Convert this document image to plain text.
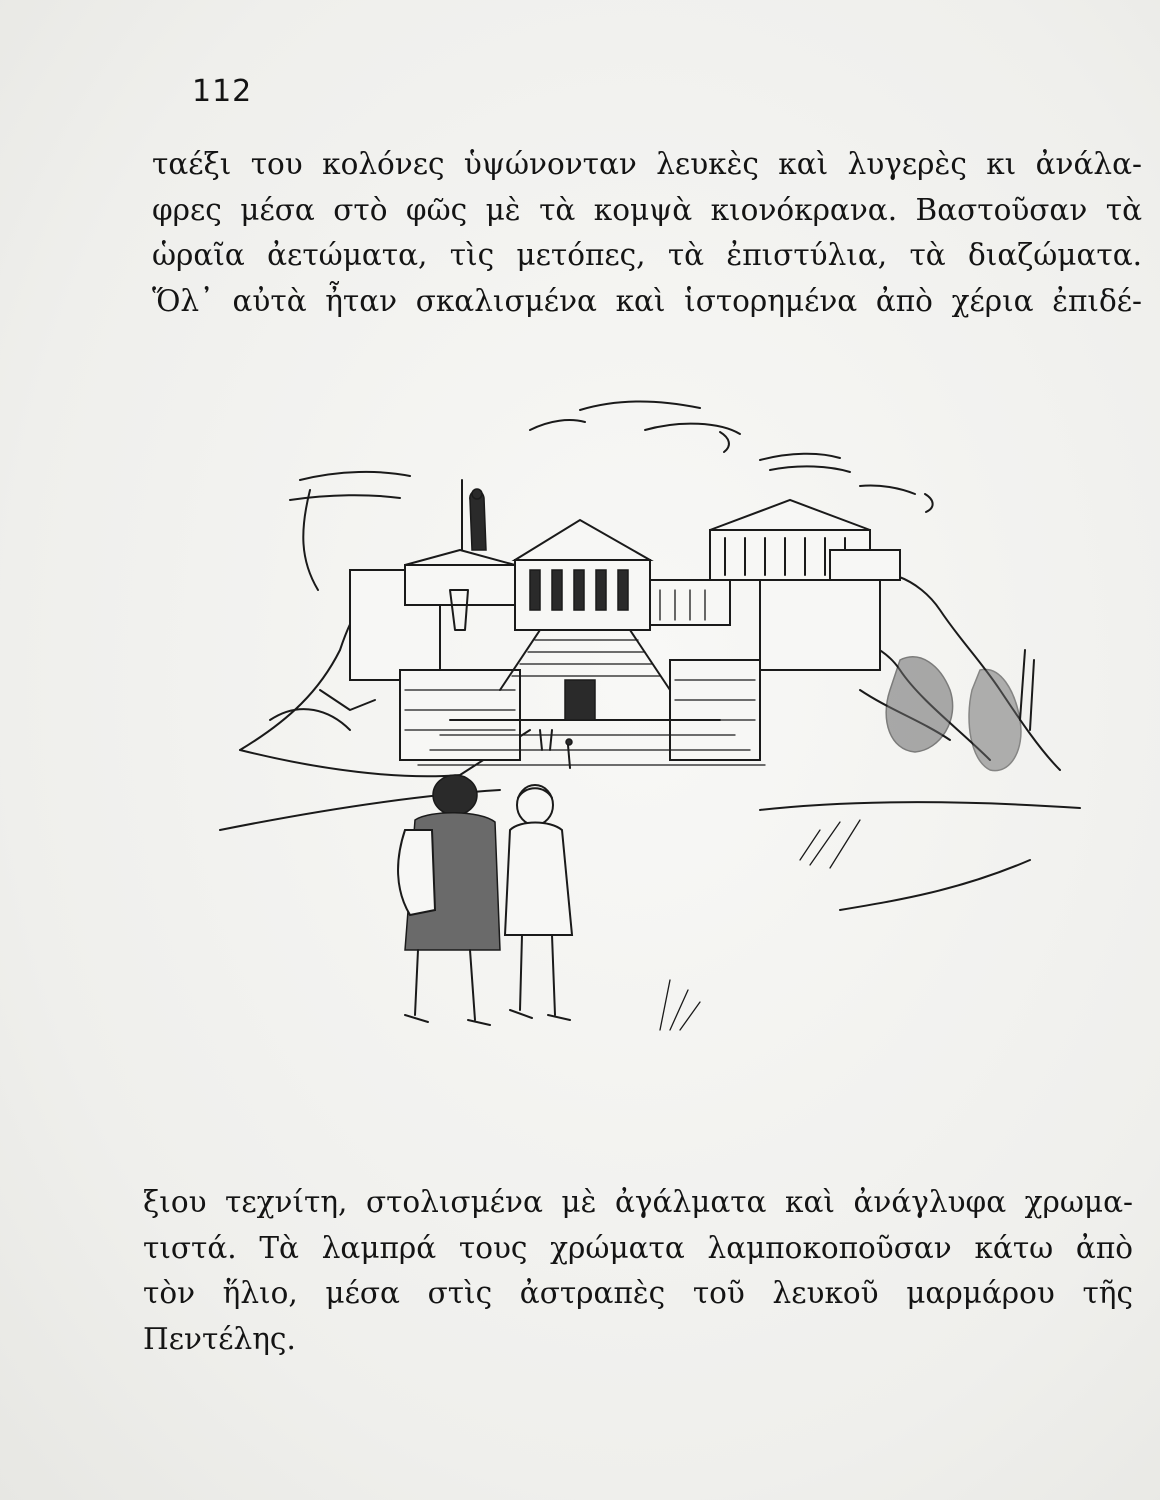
112
ταέξι του κολόνες ὑψώνονταν λευκὲς καὶ λυγερὲς κι ἀνάλα-
φρες μέσα στὸ φῶς μὲ τὰ κομψὰ κιονόκρανα. Βαστοῦσαν τὰ
ὡραῖα ἀετώματα, τὶς μετόπες, τὰ ἐπιστύλια, τὰ διαζώματα.
Ὅλ᾽ αὐτὰ ἦταν σκαλισμένα καὶ ἱστορημένα ἀπὸ χέρια ἐπιδέ-
ξιου τεχνίτη, στολισμένα μὲ ἀγάλματα καὶ ἀνάγλυφα χρωμα-
τιστά. Τὰ λαμπρά τους χρώματα λαμποκοποῦσαν κάτω ἀπὸ
τὸν ἥλιο, μέσα στὶς ἀστραπὲς τοῦ λευκοῦ μαρμάρου τῆς
Πεντέλης.
